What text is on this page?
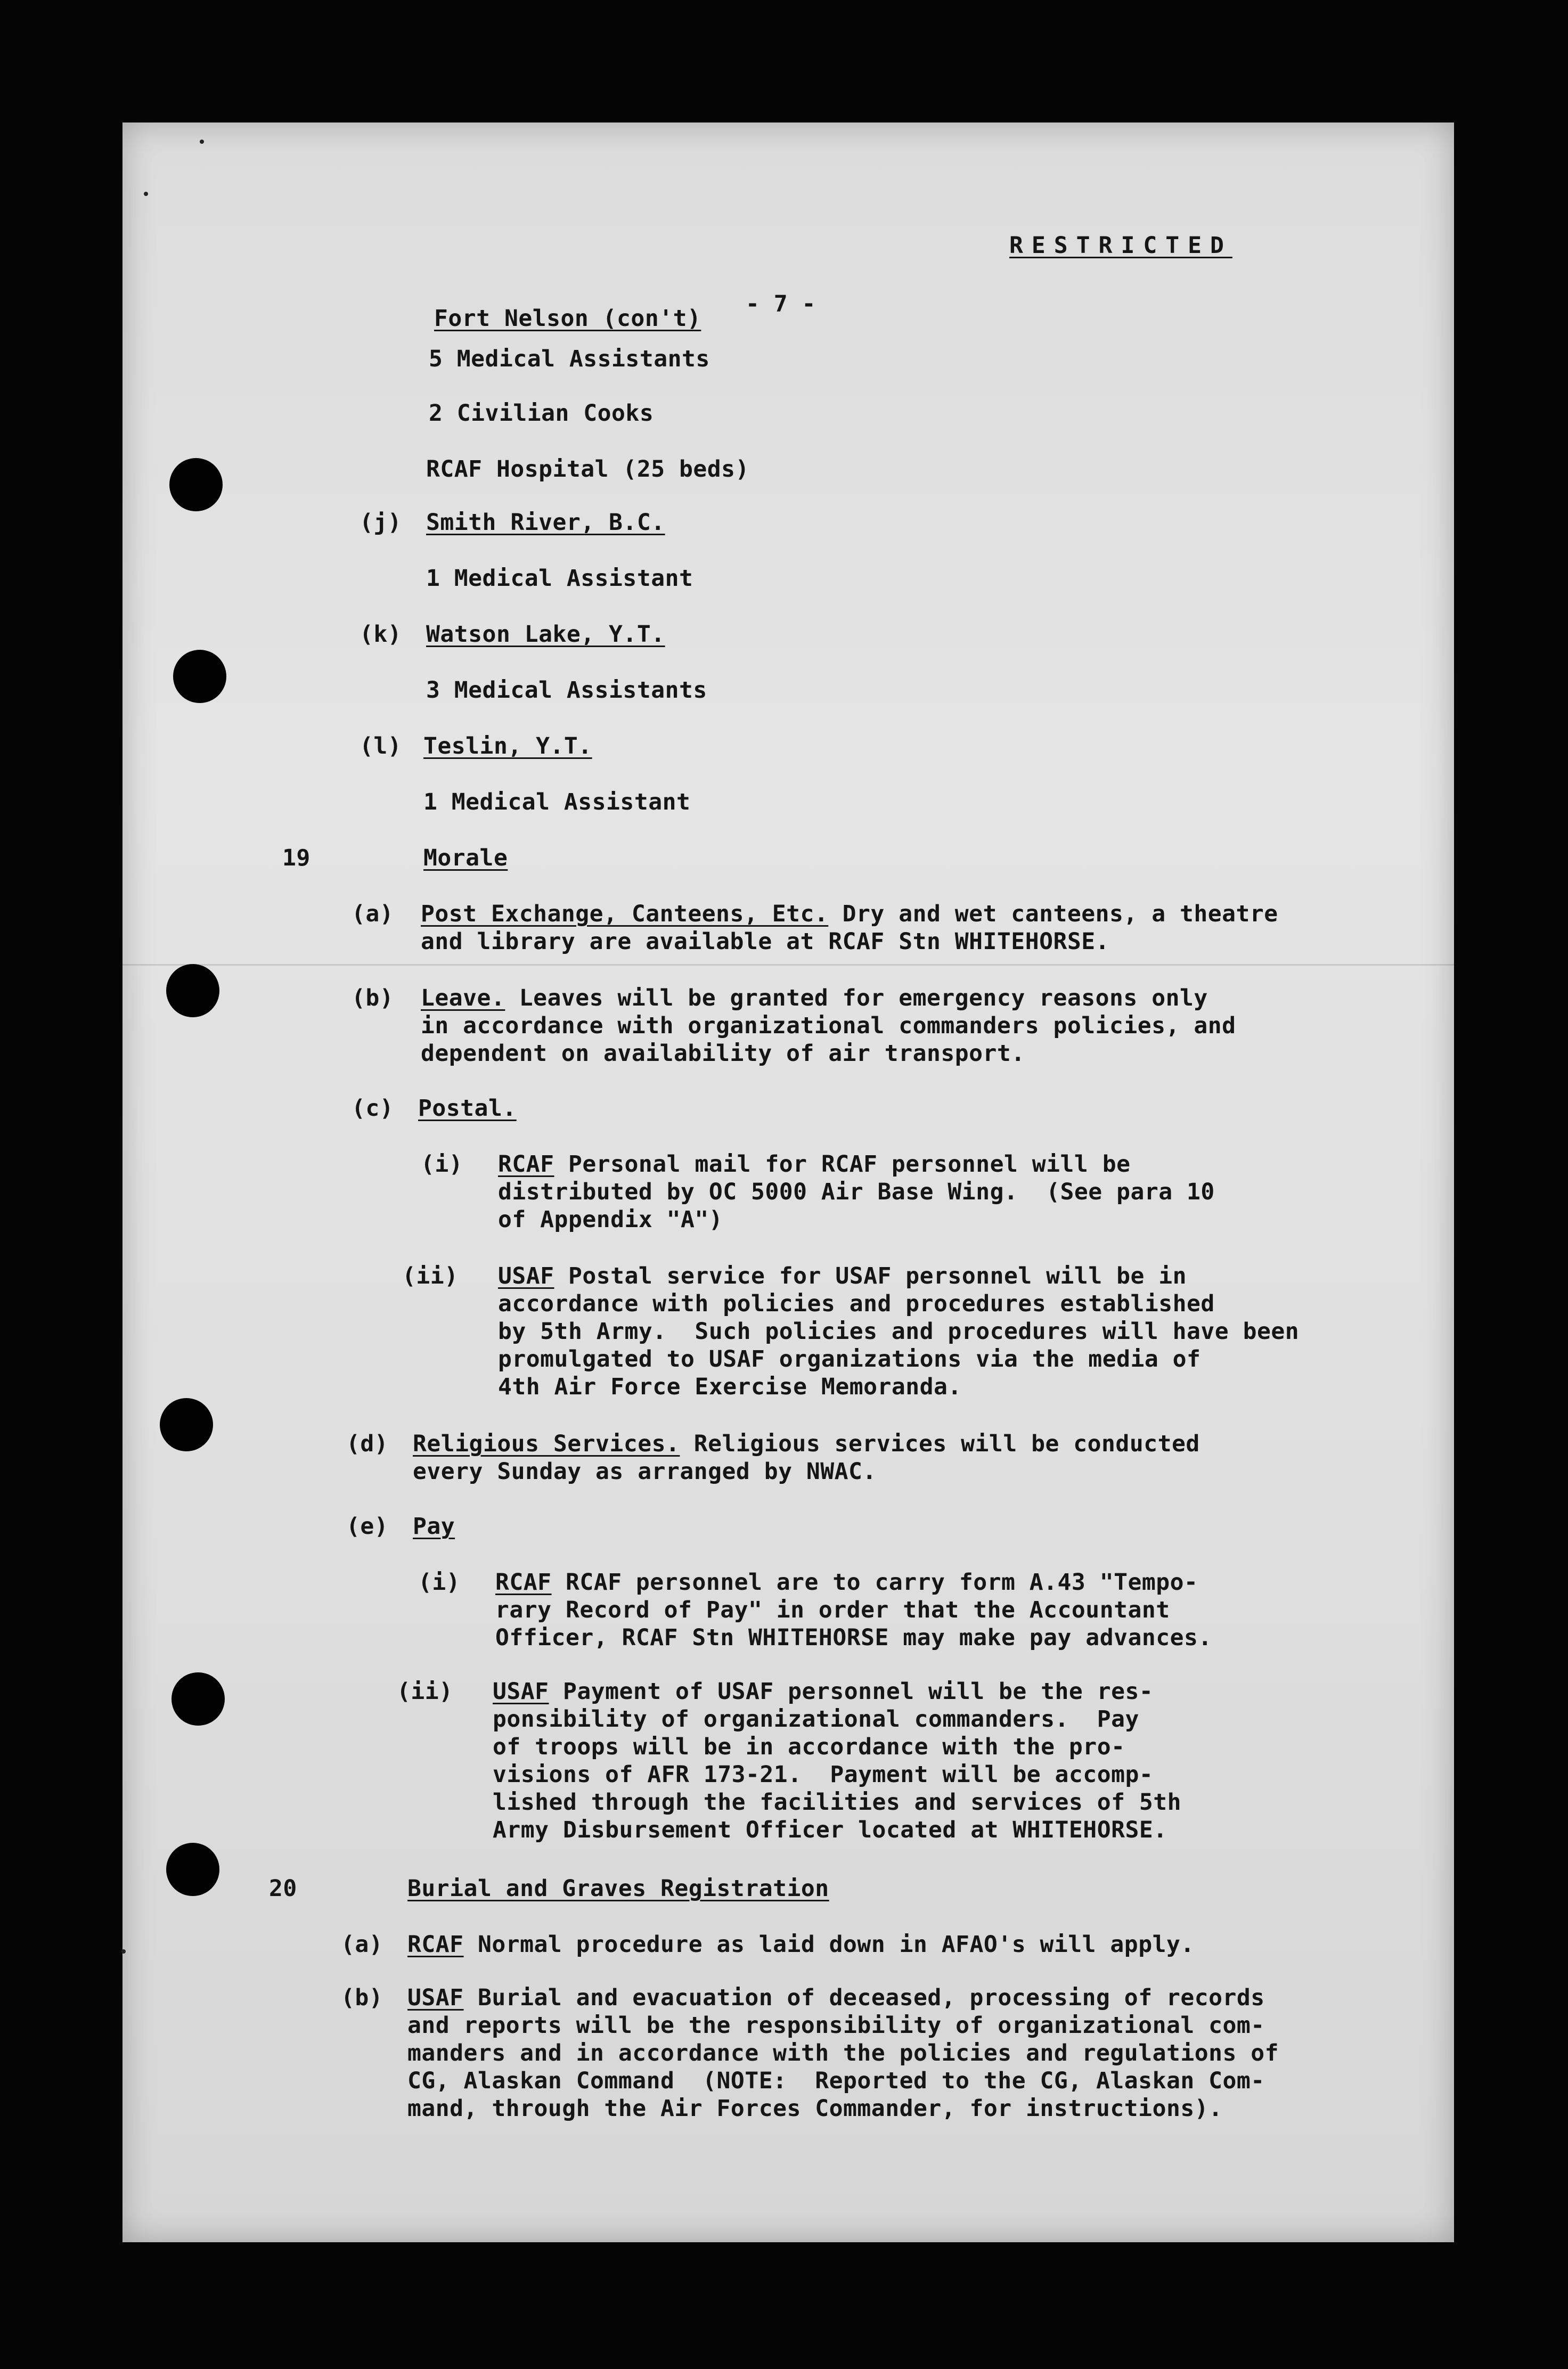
RESTRICTED
- 7 -
Fort Nelson (con't)
5 Medical Assistants
2 Civilian Cooks
RCAF Hospital (25 beds)
(j) Smith River, B.C.
1 Medical Assistant
(k) Watson Lake, Y.T.
3 Medical Assistants
(l) Teslin, Y.T.
1 Medical Assistant
19	Morale
(a) Post Exchange, Canteens, Etc. Dry and wet canteens, a theatre
and library are available at RCAF Stn WHITEHORSE.
(b) Leave. Leaves will be granted for emergency reasons only
in accordance with organizational commanders policies, and
dependent on availability of air transport.
(c) Postal.
(i) RCAF Personal mail for RCAF personnel will be
distributed by OC 5000 Air Base Wing.  (See para 10
of Appendix "A")
(ii) USAF Postal service for USAF personnel will be in
accordance with policies and procedures established
by 5th Army.  Such policies and procedures will have been
promulgated to USAF organizations via the media of
4th Air Force Exercise Memoranda.
(d) Religious Services. Religious services will be conducted
every Sunday as arranged by NWAC.
(e) Pay
(i) RCAF RCAF personnel are to carry form A.43 "Tempo-
rary Record of Pay" in order that the Accountant
Officer, RCAF Stn WHITEHORSE may make pay advances.
(ii) USAF Payment of USAF personnel will be the res-
ponsibility of organizational commanders.  Pay
of troops will be in accordance with the pro-
visions of AFR 173-21.  Payment will be accomp-
lished through the facilities and services of 5th
Army Disbursement Officer located at WHITEHORSE.
20	Burial and Graves Registration
(a) RCAF Normal procedure as laid down in AFAO's will apply.
(b) USAF Burial and evacuation of deceased, processing of records
and reports will be the responsibility of organizational com-
manders and in accordance with the policies and regulations of
CG, Alaskan Command  (NOTE:  Reported to the CG, Alaskan Com-
mand, through the Air Forces Commander, for instructions).
